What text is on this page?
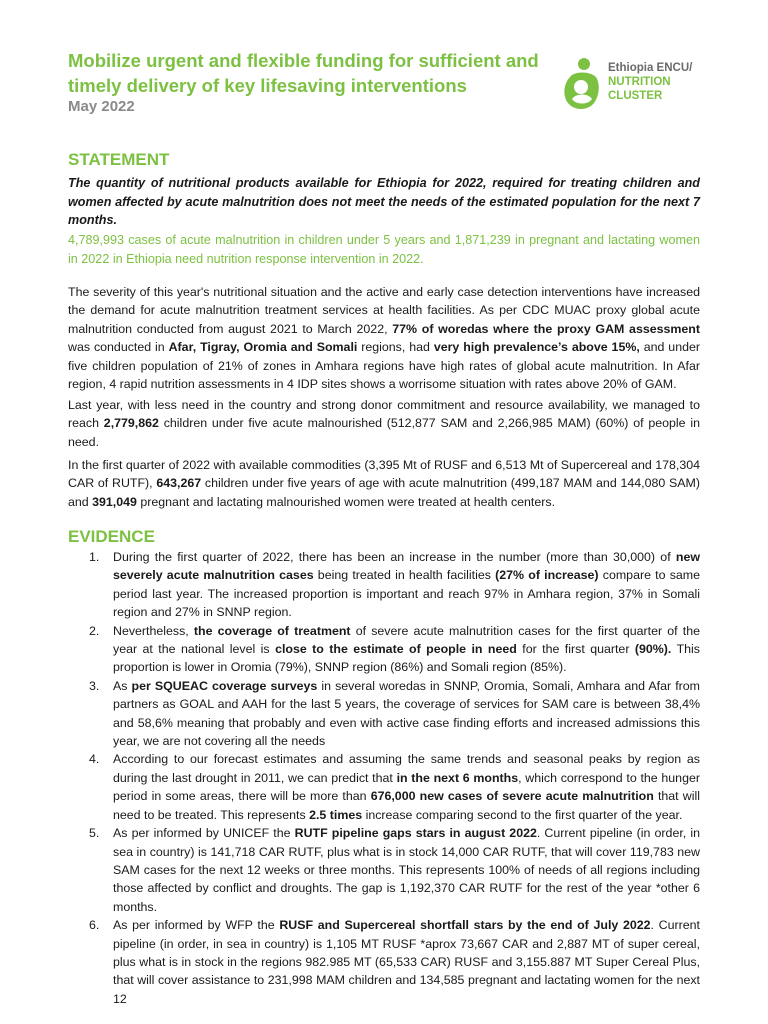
Mobilize urgent and flexible funding for sufficient and timely delivery of key lifesaving interventions
May 2022
Ethiopia ENCU/
NUTRITION
CLUSTER
STATEMENT
The quantity of nutritional products available for Ethiopia for 2022, required for treating children and women affected by acute malnutrition does not meet the needs of the estimated population for the next 7 months.
4,789,993 cases of acute malnutrition in children under 5 years and 1,871,239 in pregnant and lactating women in 2022 in Ethiopia need nutrition response intervention in 2022.
The severity of this year's nutritional situation and the active and early case detection interventions have increased the demand for acute malnutrition treatment services at health facilities. As per CDC MUAC proxy global acute malnutrition conducted from august 2021 to March 2022, 77% of woredas where the proxy GAM assessment was conducted in Afar, Tigray, Oromia and Somali regions, had very high prevalence’s above 15%, and under five children population of 21% of zones in Amhara regions have high rates of global acute malnutrition. In Afar region, 4 rapid nutrition assessments in 4 IDP sites shows a worrisome situation with rates above 20% of GAM.
Last year, with less need in the country and strong donor commitment and resource availability, we managed to reach 2,779,862 children under five acute malnourished (512,877 SAM and 2,266,985 MAM) (60%) of people in need.
In the first quarter of 2022 with available commodities (3,395 Mt of RUSF and 6,513 Mt of Supercereal and 178,304 CAR of RUTF), 643,267 children under five years of age with acute malnutrition (499,187 MAM and 144,080 SAM) and 391,049 pregnant and lactating malnourished women were treated at health centers.
EVIDENCE
1. During the first quarter of 2022, there has been an increase in the number (more than 30,000) of new severely acute malnutrition cases being treated in health facilities (27% of increase) compare to same period last year. The increased proportion is important and reach 97% in Amhara region, 37% in Somali region and 27% in SNNP region.
2. Nevertheless, the coverage of treatment of severe acute malnutrition cases for the first quarter of the year at the national level is close to the estimate of people in need for the first quarter (90%). This proportion is lower in Oromia (79%), SNNP region (86%) and Somali region (85%).
3. As per SQUEAC coverage surveys in several woredas in SNNP, Oromia, Somali, Amhara and Afar from partners as GOAL and AAH for the last 5 years, the coverage of services for SAM care is between 38,4% and 58,6% meaning that probably and even with active case finding efforts and increased admissions this year, we are not covering all the needs
4. According to our forecast estimates and assuming the same trends and seasonal peaks by region as during the last drought in 2011, we can predict that in the next 6 months, which correspond to the hunger period in some areas, there will be more than 676,000 new cases of severe acute malnutrition that will need to be treated. This represents 2.5 times increase comparing second to the first quarter of the year.
5. As per informed by UNICEF the RUTF pipeline gaps stars in august 2022. Current pipeline (in order, in sea in country) is 141,718 CAR RUTF, plus what is in stock 14,000 CAR RUTF, that will cover 119,783 new SAM cases for the next 12 weeks or three months. This represents 100% of needs of all regions including those affected by conflict and droughts. The gap is 1,192,370 CAR RUTF for the rest of the year *other 6 months.
6. As per informed by WFP the RUSF and Supercereal shortfall stars by the end of July 2022. Current pipeline (in order, in sea in country) is 1,105 MT RUSF *aprox 73,667 CAR and 2,887 MT of super cereal, plus what is in stock in the regions 982.985 MT (65,533 CAR) RUSF and 3,155.887 MT Super Cereal Plus, that will cover assistance to 231,998 MAM children and 134,585 pregnant and lactating women for the next 12
